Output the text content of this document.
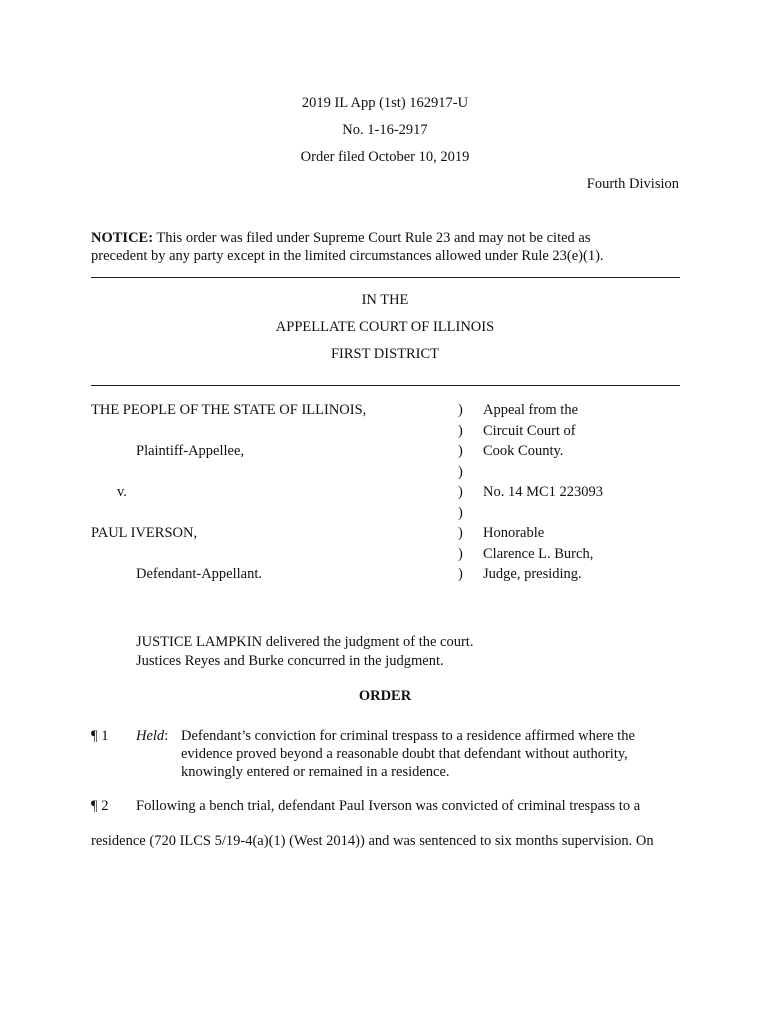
2019 IL App (1st) 162917-U
No. 1-16-2917
Order filed October 10, 2019
Fourth Division
NOTICE: This order was filed under Supreme Court Rule 23 and may not be cited as
precedent by any party except in the limited circumstances allowed under Rule 23(e)(1).
IN THE
APPELLATE COURT OF ILLINOIS
FIRST DISTRICT
THE PEOPLE OF THE STATE OF ILLINOIS,
Plaintiff-Appellee,
v.
PAUL IVERSON,
Defendant-Appellant.
)
)
)
)
)
)
)
)
)
Appeal from the
Circuit Court of
Cook County.
No. 14 MC1 223093
Honorable
Clarence L. Burch,
Judge, presiding.
JUSTICE LAMPKIN delivered the judgment of the court.
Justices Reyes and Burke concurred in the judgment.
ORDER
¶ 1 Held: Defendant’s conviction for criminal trespass to a residence affirmed where the
evidence proved beyond a reasonable doubt that defendant without authority,
knowingly entered or remained in a residence.
¶ 2 Following a bench trial, defendant Paul Iverson was convicted of criminal trespass to a
residence (720 ILCS 5/19-4(a)(1) (West 2014)) and was sentenced to six months supervision. On
